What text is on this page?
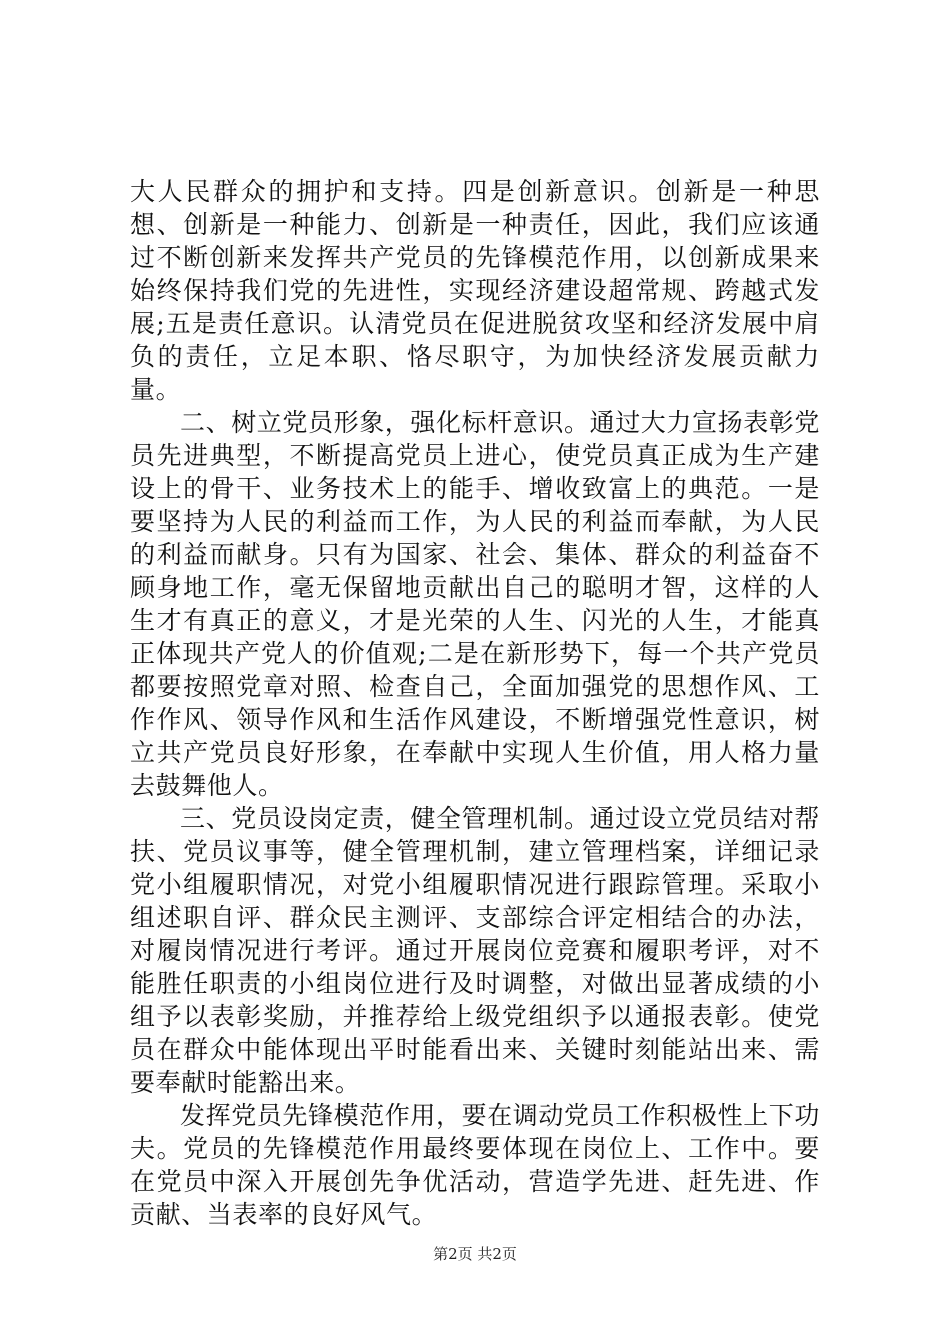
大人民群众的拥护和支持。四是创新意识。创新是一种思想、创新是一种能力、创新是一种责任，因此，我们应该通过不断创新来发挥共产党员的先锋模范作用，以创新成果来始终保持我们党的先进性，实现经济建设超常规、跨越式发展;五是责任意识。认清党员在促进脱贫攻坚和经济发展中肩负的责任，立足本职、恪尽职守，为加快经济发展贡献力量。

二、树立党员形象，强化标杆意识。通过大力宣扬表彰党员先进典型，不断提高党员上进心，使党员真正成为生产建设上的骨干、业务技术上的能手、增收致富上的典范。一是要坚持为人民的利益而工作，为人民的利益而奉献，为人民的利益而献身。只有为国家、社会、集体、群众的利益奋不顾身地工作，毫无保留地贡献出自己的聪明才智，这样的人生才有真正的意义，才是光荣的人生、闪光的人生，才能真正体现共产党人的价值观;二是在新形势下，每一个共产党员都要按照党章对照、检查自己，全面加强党的思想作风、工作作风、领导作风和生活作风建设，不断增强党性意识，树立共产党员良好形象，在奉献中实现人生价值，用人格力量去鼓舞他人。

三、党员设岗定责，健全管理机制。通过设立党员结对帮扶、党员议事等，健全管理机制，建立管理档案，详细记录党小组履职情况，对党小组履职情况进行跟踪管理。采取小组述职自评、群众民主测评、支部综合评定相结合的办法，对履岗情况进行考评。通过开展岗位竞赛和履职考评，对不能胜任职责的小组岗位进行及时调整，对做出显著成绩的小组予以表彰奖励，并推荐给上级党组织予以通报表彰。使党员在群众中能体现出平时能看出来、关键时刻能站出来、需要奉献时能豁出来。

发挥党员先锋模范作用，要在调动党员工作积极性上下功夫。党员的先锋模范作用最终要体现在岗位上、工作中。要在党员中深入开展创先争优活动，营造学先进、赶先进、作贡献、当表率的良好风气。

第2页 共2页
